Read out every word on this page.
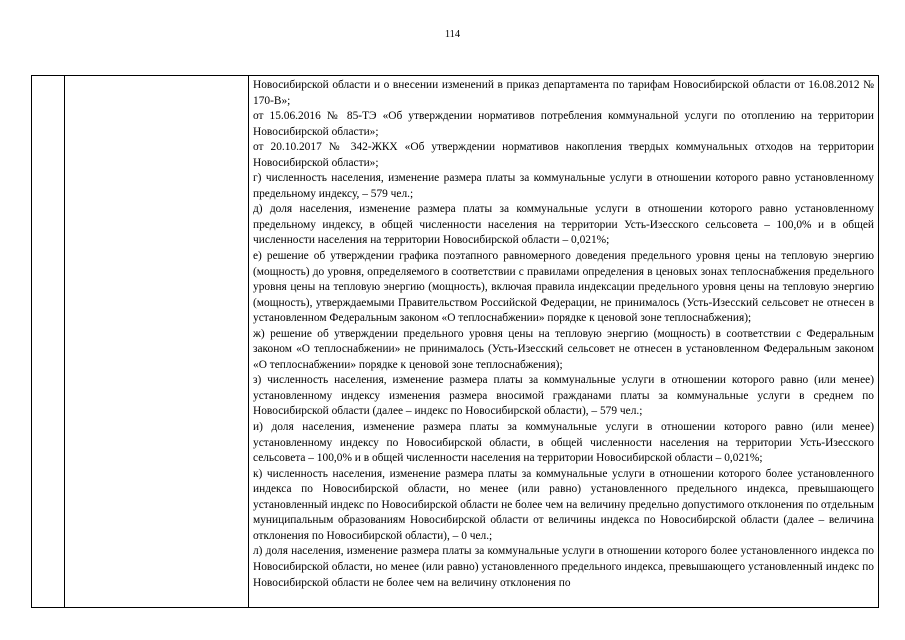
114

Новосибирской области и о внесении изменений в приказ департамента по тарифам Новосибирской области от 16.08.2012 № 170-В»;

от 15.06.2016 № 85-ТЭ «Об утверждении нормативов потребления коммунальной услуги по отоплению на территории Новосибирской области»;

от 20.10.2017 № 342-ЖКХ «Об утверждении нормативов накопления твердых коммунальных отходов на территории Новосибирской области»;

г) численность населения, изменение размера платы за коммунальные услуги в отношении которого равно установленному предельному индексу, – 579 чел.;

д) доля населения, изменение размера платы за коммунальные услуги в отношении которого равно установленному предельному индексу, в общей численности населения на территории Усть-Изесского сельсовета – 100,0% и в общей численности населения на территории Новосибирской области – 0,021%;

е) решение об утверждении графика поэтапного равномерного доведения предельного уровня цены на тепловую энергию (мощность) до уровня, определяемого в соответствии с правилами определения в ценовых зонах теплоснабжения предельного уровня цены на тепловую энергию (мощность), включая правила индексации предельного уровня цены на тепловую энергию (мощность), утверждаемыми Правительством Российской Федерации, не принималось (Усть-Изесский сельсовет не отнесен в установленном Федеральным законом «О теплоснабжении» порядке к ценовой зоне теплоснабжения);

ж) решение об утверждении предельного уровня цены на тепловую энергию (мощность) в соответствии с Федеральным законом «О теплоснабжении» не принималось (Усть-Изесский сельсовет не отнесен в установленном Федеральным законом «О теплоснабжении» порядке к ценовой зоне теплоснабжения);

з) численность населения, изменение размера платы за коммунальные услуги в отношении которого равно (или менее) установленному индексу изменения размера вносимой гражданами платы за коммунальные услуги в среднем по Новосибирской области (далее – индекс по Новосибирской области), – 579 чел.;

и) доля населения, изменение размера платы за коммунальные услуги в отношении которого равно (или менее) установленному индексу по Новосибирской области, в общей численности населения на территории Усть-Изесского сельсовета – 100,0% и в общей численности населения на территории Новосибирской области – 0,021%;

к) численность населения, изменение размера платы за коммунальные услуги в отношении которого более установленного индекса по Новосибирской области, но менее (или равно) установленного предельного индекса, превышающего установленный индекс по Новосибирской области не более чем на величину предельно допустимого отклонения по отдельным муниципальным образованиям Новосибирской области от величины индекса по Новосибирской области (далее – величина отклонения по Новосибирской области), – 0 чел.;

л) доля населения, изменение размера платы за коммунальные услуги в отношении которого более установленного индекса по Новосибирской области, но менее (или равно) установленного предельного индекса, превышающего установленный индекс по Новосибирской области не более чем на величину отклонения по
